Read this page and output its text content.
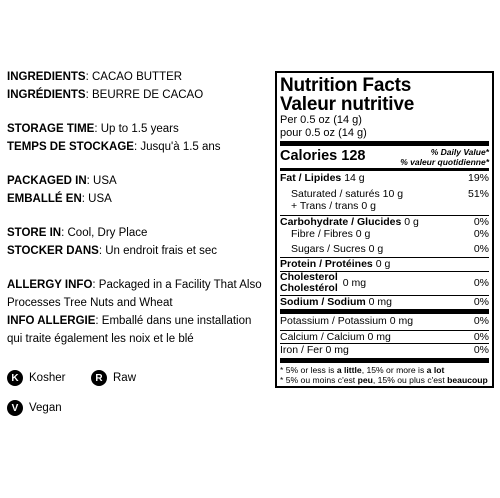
INGREDIENTS: CACAO BUTTER
INGRÉDIENTS: BEURRE DE CACAO
STORAGE TIME: Up to 1.5 years
TEMPS DE STOCKAGE: Jusqu'à 1.5 ans
PACKAGED IN: USA
EMBALLÉ EN: USA
STORE IN: Cool, Dry Place
STOCKER DANS: Un endroit frais et sec
ALLERGY INFO: Packaged in a Facility That Also Processes Tree Nuts and Wheat
INFO ALLERGIE: Emballé dans une installation qui traite également les noix et le blé
K Kosher	R Raw
V Vegan
Nutrition Facts
Valeur nutritive
Per 0.5 oz (14 g)
pour 0.5 oz (14 g)
Calories 128	% Daily Value*
% valeur quotidienne*
Fat / Lipides 14 g	19%
Saturated / saturés 10 g	51%
+ Trans / trans 0 g
Carbohydrate / Glucides 0 g	0%
Fibre / Fibres 0 g	0%
Sugars / Sucres 0 g	0%
Protein / Protéines 0 g
Cholesterol
Cholestérol 0 mg	0%
Sodium / Sodium 0 mg	0%
Potassium / Potassium 0 mg	0%
Calcium / Calcium 0 mg	0%
Iron / Fer 0 mg	0%
* 5% or less is a little, 15% or more is a lot
* 5% ou moins c'est peu, 15% ou plus c'est beaucoup
